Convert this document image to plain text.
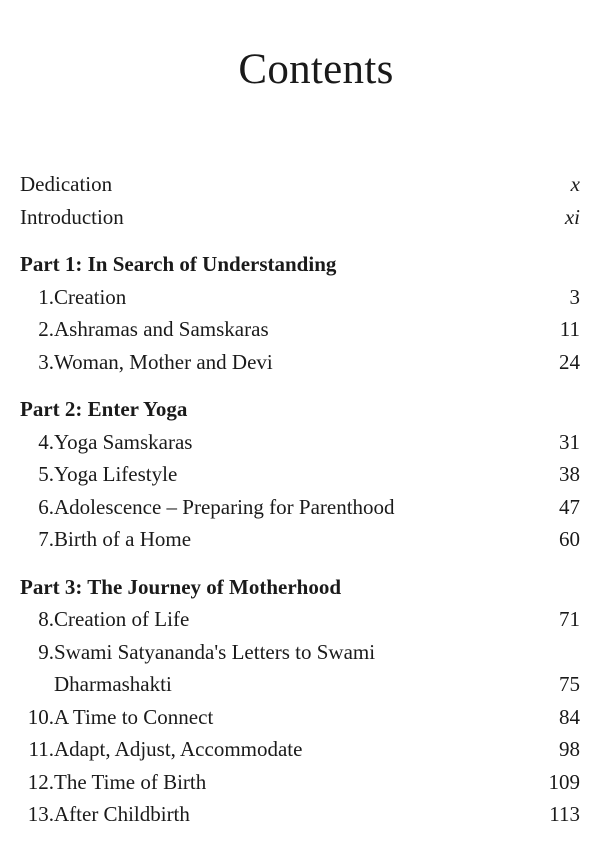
Contents
Dedication	x
Introduction	xi
Part 1: In Search of Understanding
1.Creation	3
2.Ashramas and Samskaras	11
3.Woman, Mother and Devi	24
Part 2: Enter Yoga
4.Yoga Samskaras	31
5.Yoga Lifestyle	38
6.Adolescence – Preparing for Parenthood	47
7.Birth of a Home	60
Part 3: The Journey of Motherhood
8.Creation of Life	71
9.Swami Satyananda's Letters to Swami
Dharmashakti	75
10.A Time to Connect	84
11.Adapt, Adjust, Accommodate	98
12.The Time of Birth	109
13.After Childbirth	113
